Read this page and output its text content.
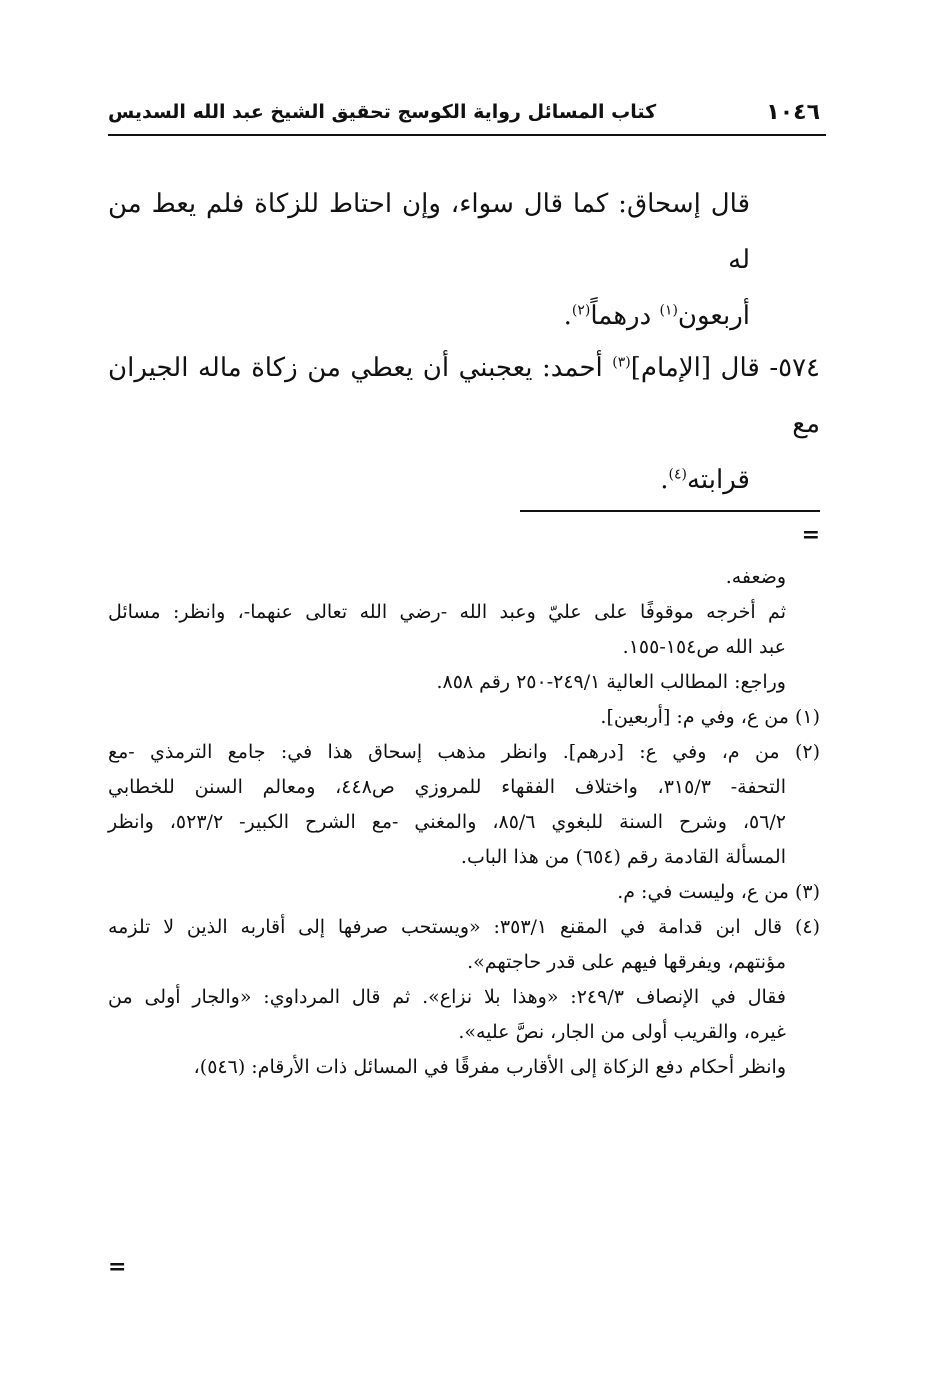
١٠٤٦
كتاب المسائل رواية الكوسج تحقيق الشيخ عبد الله السديس

قال إسحاق: كما قال سواء، وإن احتاط للزكاة فلم يعط من له

أربعون$^{(١)}$ درهماً$^{(٢)}$.

٥٧٤- قال [الإمام]$^{(٣)}$ أحمد: يعجبني أن يعطي من زكاة ماله الجيران مع

قرابته$^{(٤)}$.

=

وضعفه.

ثم أخرجه موقوفًا على عليّ وعبد الله -رضي الله تعالى عنهما-، وانظر: مسائل

عبد الله ص١٥٤-١٥٥.

وراجع: المطالب العالية ٢٤٩/١-٢٥٠ رقم ٨٥٨.

(١) من ع، وفي م: [أربعين].

(٢) من م، وفي ع: [درهم]. وانظر مذهب إسحاق هذا في: جامع الترمذي -مع

التحفة- ٣١٥/٣، واختلاف الفقهاء للمروزي ص٤٤٨، ومعالم السنن للخطابي

٥٦/٢، وشرح السنة للبغوي ٨٥/٦، والمغني -مع الشرح الكبير- ٥٢٣/٢، وانظر

المسألة القادمة رقم (٦٥٤) من هذا الباب.

(٣) من ع، وليست في: م.

(٤) قال ابن قدامة في المقنع ٣٥٣/١: «ويستحب صرفها إلى أقاربه الذين لا تلزمه

مؤنتهم، ويفرقها فيهم على قدر حاجتهم».

فقال في الإنصاف ٢٤٩/٣: «وهذا بلا نزاع». ثم قال المرداوي: «والجار أولى من

غيره، والقريب أولى من الجار، نصَّ عليه».

وانظر أحكام دفع الزكاة إلى الأقارب مفرقًا في المسائل ذات الأرقام: (٥٤٦)،

=
